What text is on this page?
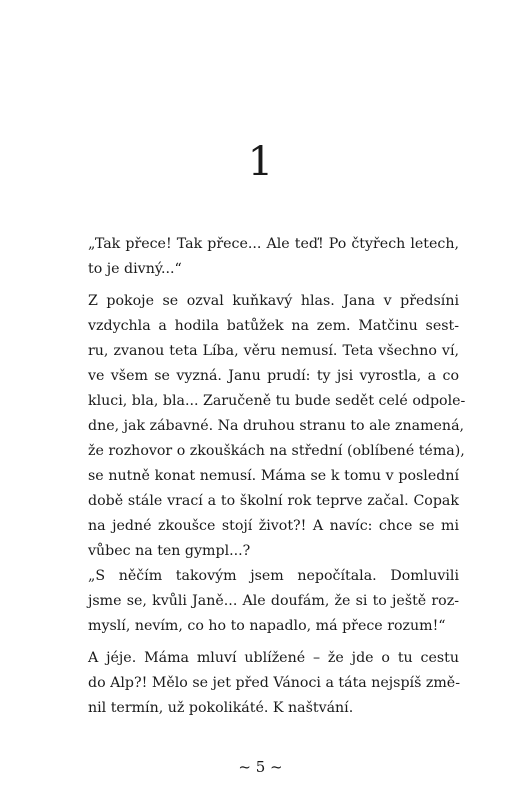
1
„Tak přece! Tak přece... Ale teď! Po čtyřech letech,
to je divný...“
Z pokoje se ozval kuňkavý hlas. Jana v předsíni
vzdychla a hodila batůžek na zem. Matčinu sest-
ru, zvanou teta Líba, věru nemusí. Teta všechno ví,
ve všem se vyzná. Janu prudí: ty jsi vyrostla, a co
kluci, bla, bla... Zaručeně tu bude sedět celé odpole-
dne, jak zábavné. Na druhou stranu to ale znamená,
že rozhovor o zkouškách na střední (oblíbené téma),
se nutně konat nemusí. Máma se k tomu v poslední
době stále vrací a to školní rok teprve začal. Copak
na jedné zkoušce stojí život?! A navíc: chce se mi
vůbec na ten gympl...?
„S něčím takovým jsem nepočítala. Domluvili
jsme se, kvůli Janě... Ale doufám, že si to ještě roz-
myslí, nevím, co ho to napadlo, má přece rozum!“
A jéje. Máma mluví ublížené – že jde o tu cestu
do Alp?! Mělo se jet před Vánoci a táta nejspíš změ-
nil termín, už pokolikáté. K naštvání.
~ 5 ~
